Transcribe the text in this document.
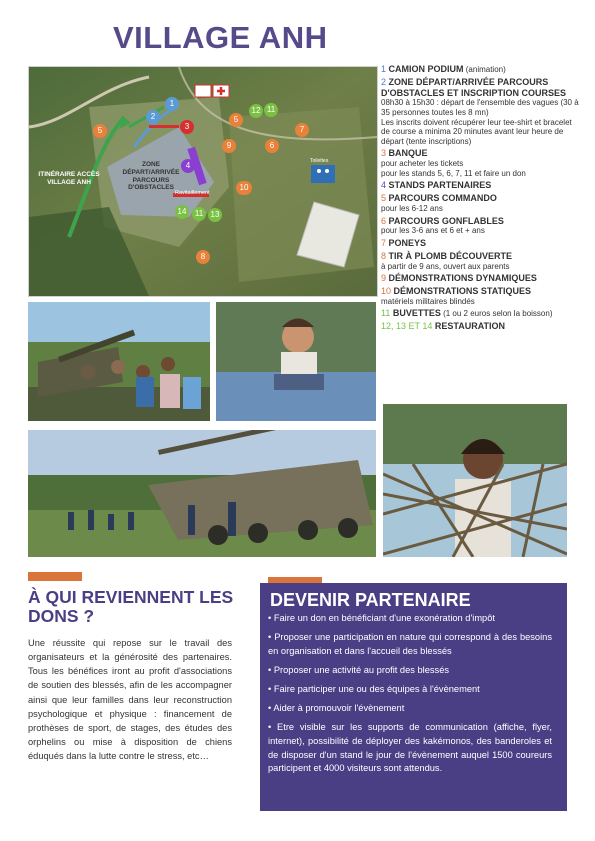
VILLAGE ANH
1
2
3
4
5
5
6
7
8
9
10
11
11
12
13
14
ITINÉRAIRE ACCÈS VILLAGE ANH
ZONE DÉPART/ARRIVÉE PARCOURS D'OBSTACLES
Ravitaillement
Toilettes
1 CAMION PODIUM (animation)
2 ZONE DÉPART/ARRIVÉE PARCOURS D'OBSTACLES ET INSCRIPTION COURSES
08h30 à 15h30 : départ de l'ensemble des vagues (30 à 35 personnes toutes les 8 mn)
Les inscrits doivent récupérer leur tee-shirt et bracelet de course a minima 20 minutes avant leur heure de départ (tente inscriptions)
3 BANQUE
pour acheter les tickets
pour les stands 5, 6, 7, 11 et faire un don
4 STANDS PARTENAIRES
5 PARCOURS COMMANDO
pour les 6-12 ans
6 PARCOURS GONFLABLES
pour les 3-6 ans et 6 et + ans
7 PONEYS
8 TIR À PLOMB DÉCOUVERTE
à partir de 9 ans, ouvert aux parents
9 DÉMONSTRATIONS DYNAMIQUES
10 DÉMONSTRATIONS STATIQUES
matériels militaires blindés
11 BUVETTES (1 ou 2 euros selon la boisson)
12, 13 ET 14 RESTAURATION
À QUI REVIENNENT LES DONS ?
Une réussite qui repose sur le travail des organisateurs et la générosité des partenaires. Tous les bénéfices iront au profit d'associations de soutien des blessés, afin de les accompagner ainsi que leur familles dans leur reconstruction psychologique et physique : financement de prothèses de sport, de stages, des études des orphelins ou mise à disposition de chiens éduqués dans la lutte contre le stress, etc…
DEVENIR PARTENAIRE
• Faire un don en bénéficiant d'une exonération d'impôt
• Proposer une participation en nature qui correspond à des besoins en organisation et dans l'accueil des blessés
• Proposer une activité au profit des blessés
• Faire participer une ou des équipes à l'évènement
• Aider à promouvoir l'évènement
• Etre visible sur les supports de communication (affiche, flyer, internet), possibilité de déployer des kakémonos, des banderoles et de disposer d'un stand le jour de l'évènement auquel 1500 coureurs participent et 4000 visiteurs sont attendus.
